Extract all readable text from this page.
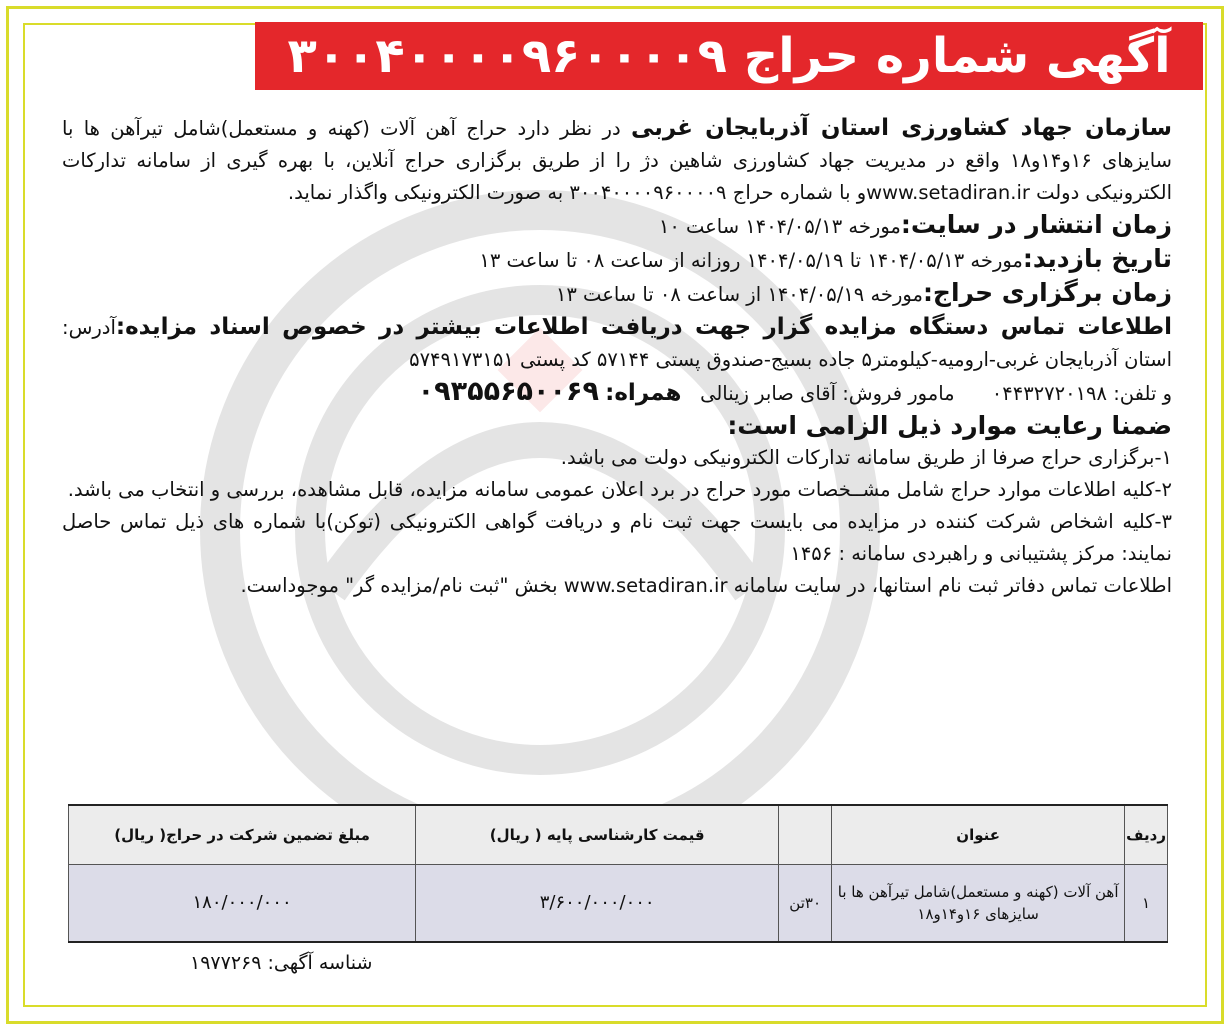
آگهی شماره حراج ۳۰۰۴۰۰۰۰۹۶۰۰۰۰۹

سازمان جهاد کشاورزی استان آذربایجان غربی در نظر دارد حراج آهن آلات (کهنه و مستعمل)شامل تیرآهن ها با سایزهای ۱۶و۱۴و۱۸ واقع در مدیریت جهاد کشاورزی شاهین دژ را از طریق برگزاری حراج آنلاین، با بهره گیری از سامانه تدارکات الکترونیکی دولت www.setadiran.irو با شماره حراج ۳۰۰۴۰۰۰۰۹۶۰۰۰۰۹ به صورت الکترونیکی واگذار نماید.

زمان انتشار در سایت:مورخه ۱۴۰۴/۰۵/۱۳ ساعت ۱۰

تاریخ بازدید:مورخه ۱۴۰۴/۰۵/۱۳ تا ۱۴۰۴/۰۵/۱۹ روزانه از ساعت ۰۸ تا ساعت ۱۳

زمان برگزاری حراج:مورخه ۱۴۰۴/۰۵/۱۹ از ساعت ۰۸ تا ساعت ۱۳

اطلاعات تماس دستگاه مزایده گزار جهت دریافت اطلاعات بیشتر در خصوص اسناد مزایده:آدرس: استان آذربایجان غربی-ارومیه-کیلومتر۵ جاده بسیج-صندوق پستی ۵۷۱۴۴ کد پستی ۵۷۴۹۱۷۳۱۵۱

و تلفن: ۰۴۴۳۲۷۲۰۱۹۸      مامور فروش: آقای صابر زینالی   همراه: ۰۹۳۵۵۶۵۰۰۶۹

ضمنا رعایت موارد ذیل الزامی است:

۱-برگزاری حراج صرفا از طریق سامانه تدارکات الکترونیکی دولت می باشد.

۲-کلیه اطلاعات موارد حراج شامل مشــخصات مورد حراج در برد اعلان عمومی سامانه مزایده، قابل مشاهده، بررسی و انتخاب می باشد.

۳-کلیه اشخاص شرکت کننده در مزایده می بایست جهت ثبت نام و دریافت گواهی الکترونیکی (توکن)با شماره های ذیل تماس حاصل نمایند: مرکز پشتیبانی و راهبردی سامانه : ۱۴۵۶

اطلاعات تماس دفاتر ثبت نام استانها، در سایت سامانه www.setadiran.ir بخش "ثبت نام/مزایده گر" موجوداست.

ردیف	عنوان		قیمت کارشناسی پایه ( ریال)	مبلغ تضمین شرکت در حراج( ریال)
۱	آهن آلات (کهنه و مستعمل)شامل تیرآهن ها با سایزهای ۱۶و۱۴و۱۸	۳۰تن	۳/۶۰۰/۰۰۰/۰۰۰	۱۸۰/۰۰۰/۰۰۰
شناسه آگهی: ۱۹۷۷۲۶۹
